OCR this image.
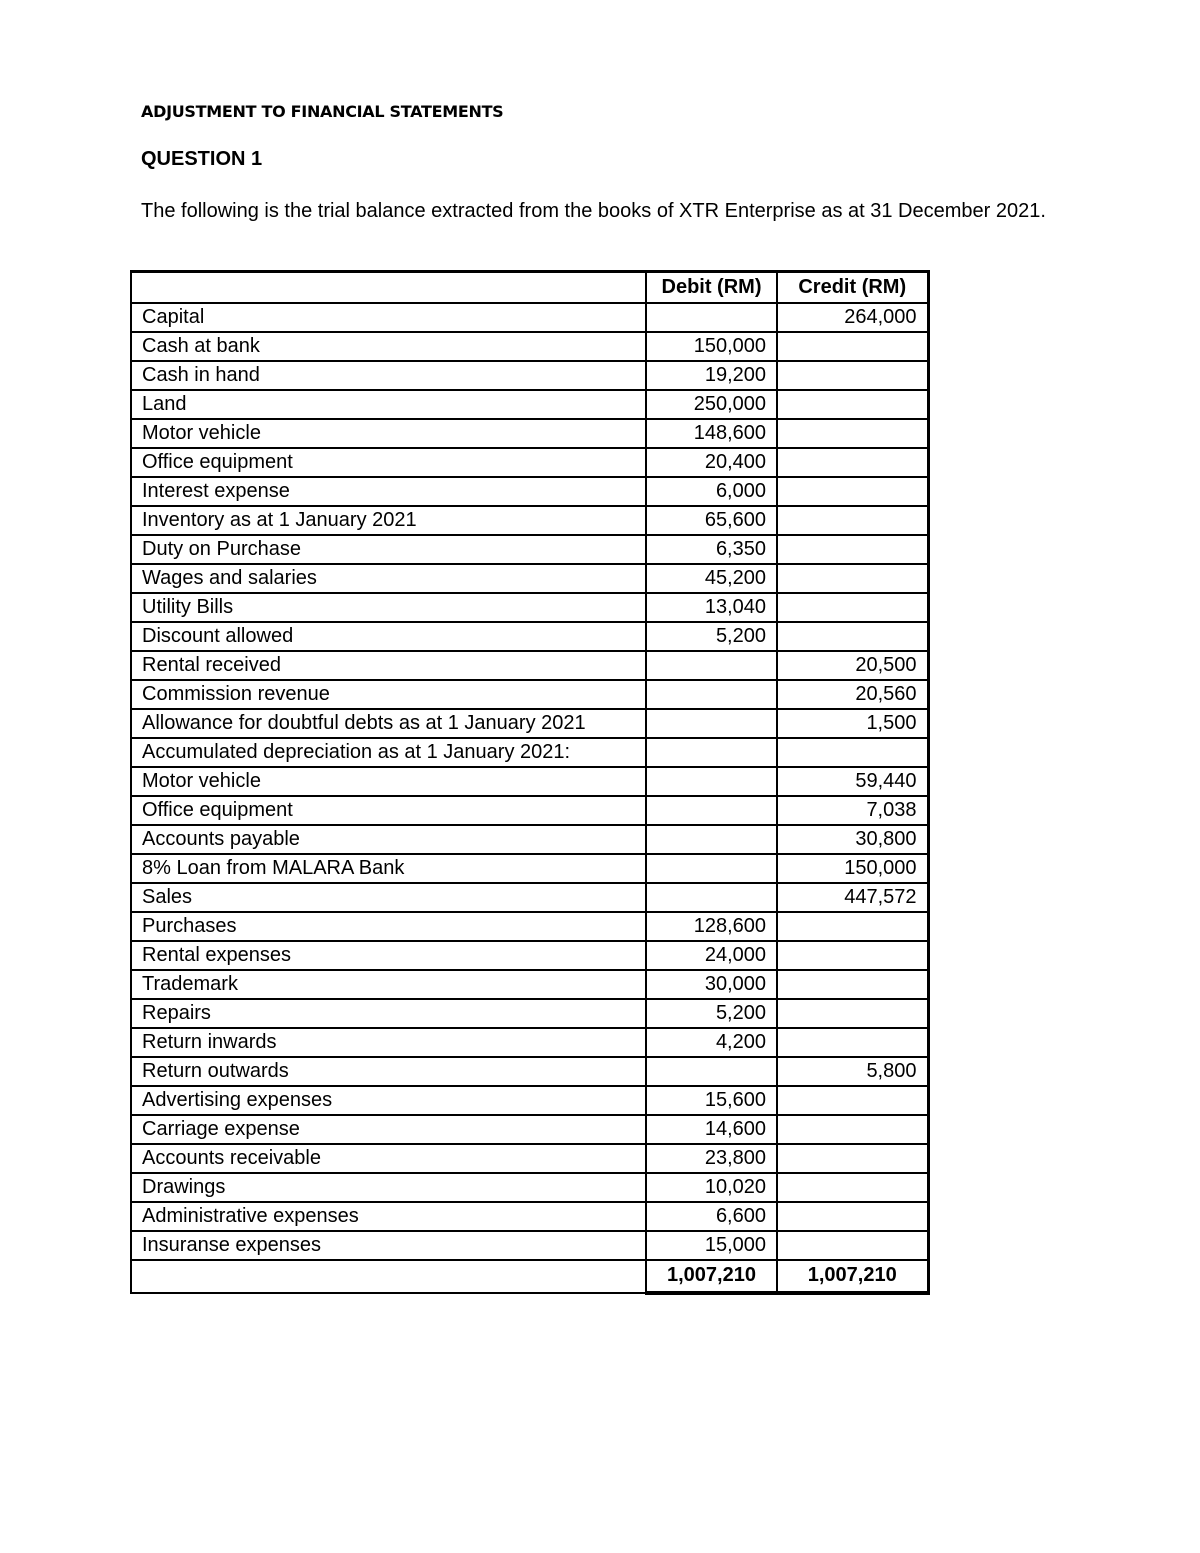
ADJUSTMENT TO FINANCIAL STATEMENTS
QUESTION 1

The following is the trial balance extracted from the books of XTR Enterprise as at 31 December 2021.

	Debit (RM)	Credit (RM)
Capital		264,000
Cash at bank	150,000	
Cash in hand	19,200	
Land	250,000	
Motor vehicle	148,600	
Office equipment	20,400	
Interest expense	6,000	
Inventory as at 1 January 2021	65,600	
Duty on Purchase	6,350	
Wages and salaries	45,200	
Utility Bills	13,040	
Discount allowed	5,200	
Rental received		20,500
Commission revenue		20,560
Allowance for doubtful debts as at 1 January 2021		1,500
Accumulated depreciation as at 1 January 2021:		
Motor vehicle		59,440
Office equipment		7,038
Accounts payable		30,800
8% Loan from MALARA Bank		150,000
Sales		447,572
Purchases	128,600	
Rental expenses	24,000	
Trademark	30,000	
Repairs	5,200	
Return inwards	4,200	
Return outwards		5,800
Advertising expenses	15,600	
Carriage expense	14,600	
Accounts receivable	23,800	
Drawings	10,020	
Administrative expenses	6,600	
Insuranse expenses	15,000	
	1,007,210	1,007,210
